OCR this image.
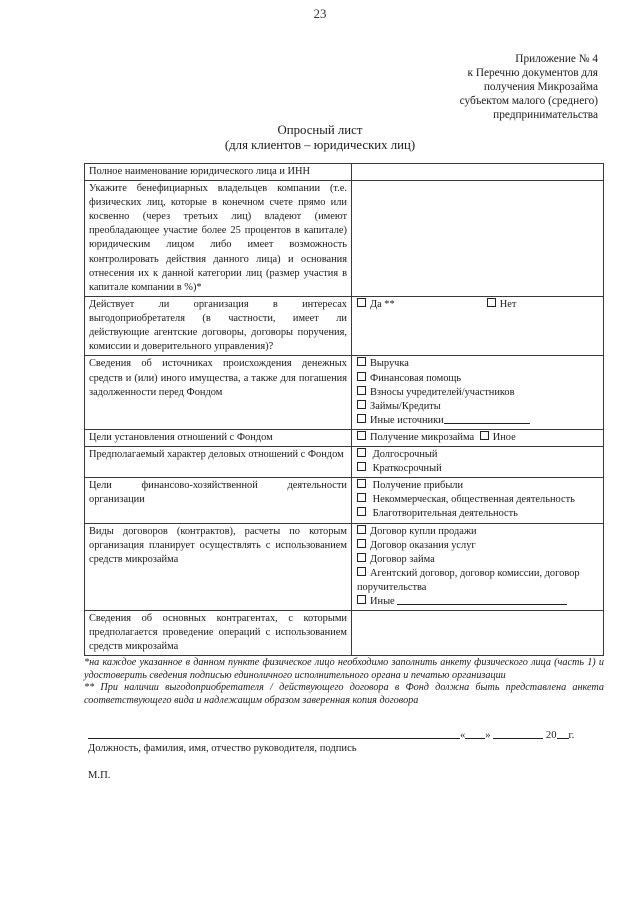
23
Приложение № 4
к Перечню документов для
получения Микрозайма
субъектом малого (среднего)
предпринимательства
Опросный лист
(для клиентов – юридических лиц)
Полное наименование юридического лица и ИНН	
Укажите бенефициарных владельцев компании (т.е. физических лиц, которые в конечном счете прямо или косвенно (через третьих лиц) владеют (имеют преобладающее участие более 25 процентов в капитале) юридическим лицом либо имеет возможность контролировать действия данного лица) и основания отнесения их к данной категории лиц (размер участия в капитале компании в %)*	
Действует ли организация в интересах выгодоприобретателя (в частности, имеет ли действующие агентские договоры, договоры поручения, комиссии и доверительного управления)?	Да ** Нет
Сведения об источниках происхождения денежных средств и (или) иного имущества, а также для погашения задолженности перед Фондом	Выручка
Финансовая помощь
Взносы учредителей/участников
Займы/Кредиты
Иные источники

Цели установления отношений с Фондом	Получение микрозайма Иное
Предполагаемый характер деловых отношений с Фондом	Долгосрочный
Краткосрочный

Цели финансово-хозяйственной деятельности организации	Получение прибыли
Некоммерческая, общественная деятельность
Благотворительная деятельность

Виды договоров (контрактов), расчеты по которым организация планирует осуществлять с использованием средств микрозайма	Договор купли продажи
Договор оказания услуг
Договор займа
Агентский договор, договор комиссии, договор поручительства
Иные

Сведения об основных контрагентах, с которыми предполагается проведение операций с использованием средств микрозайма	
*на каждое указанное в данном пункте физическое лицо необходимо заполнить анкету физического лица (часть 1) и удостоверить сведения подписью единоличного исполнительного органа и печатью организации
** При наличии выгодоприобретателя / действующего договора в Фонд должна быть представлена анкета соответствующего вида и надлежащим образом заверенная копия договора
« »	20 г.
Должность, фамилия, имя, отчество руководителя, подпись
М.П.
